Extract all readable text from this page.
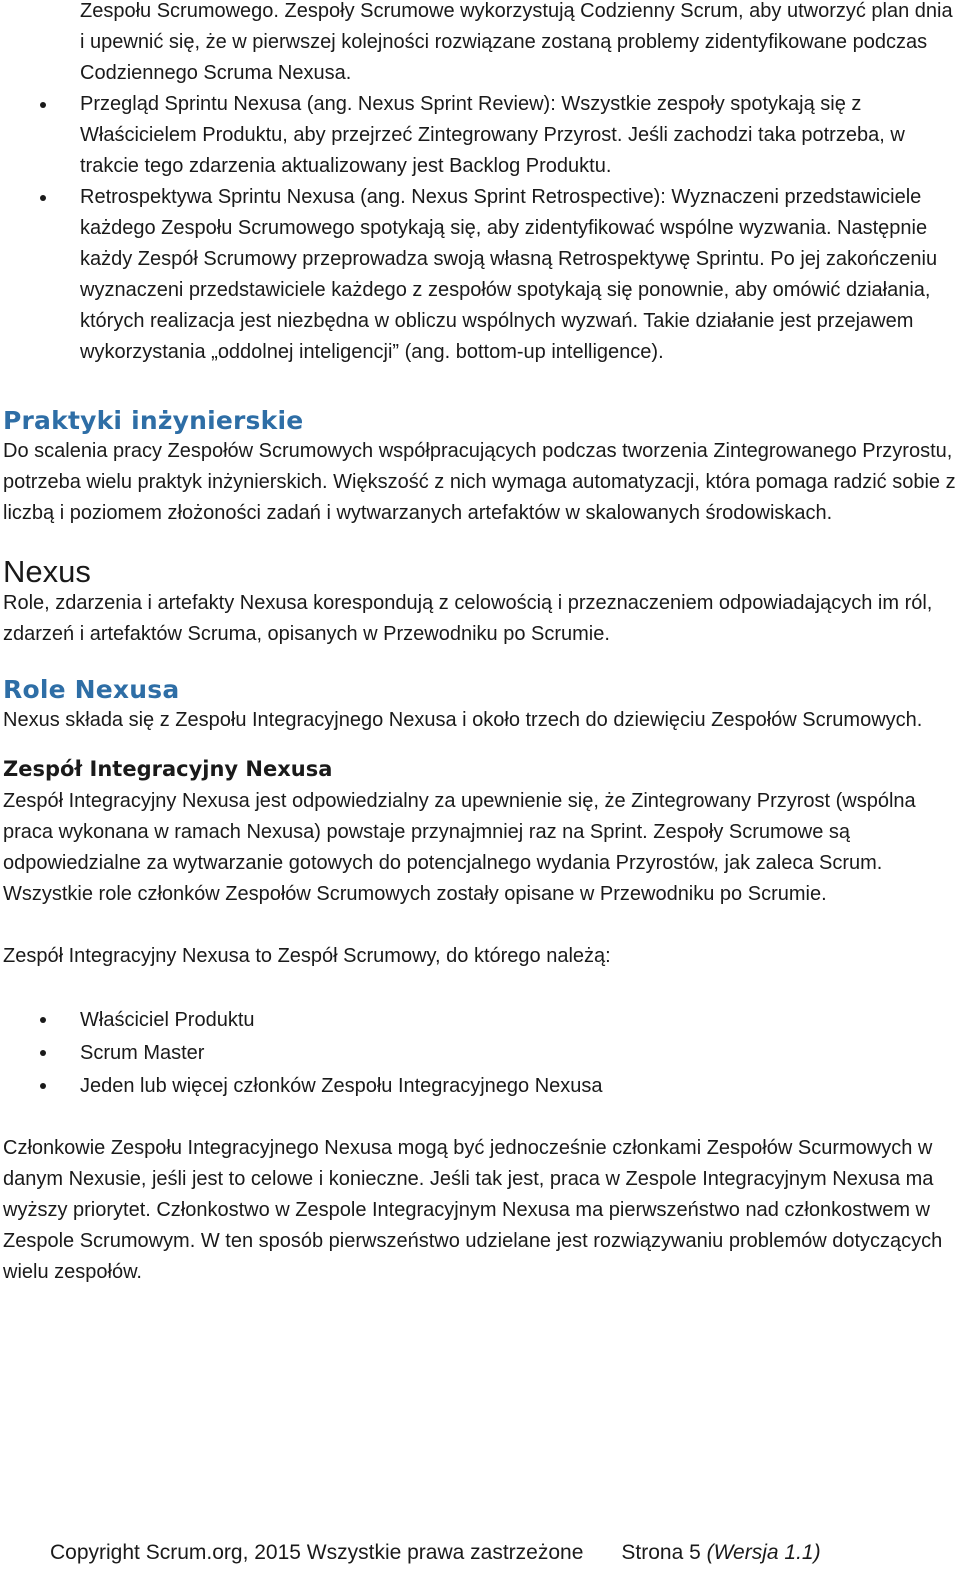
Zespołu Scrumowego. Zespoły Scrumowe wykorzystują Codzienny Scrum, aby utworzyć plan dnia i upewnić się, że w pierwszej kolejności rozwiązane zostaną problemy zidentyfikowane podczas Codziennego Scruma Nexusa.

Przegląd Sprintu Nexusa (ang. Nexus Sprint Review): Wszystkie zespoły spotykają się z Właścicielem Produktu, aby przejrzeć Zintegrowany Przyrost. Jeśli zachodzi taka potrzeba, w trakcie tego zdarzenia aktualizowany jest Backlog Produktu.
Retrospektywa Sprintu Nexusa (ang. Nexus Sprint Retrospective): Wyznaczeni przedstawiciele każdego Zespołu Scrumowego spotykają się, aby zidentyfikować wspólne wyzwania. Następnie każdy Zespół Scrumowy przeprowadza swoją własną Retrospektywę Sprintu. Po jej zakończeniu wyznaczeni przedstawiciele każdego z zespołów spotykają się ponownie, aby omówić działania, których realizacja jest niezbędna w obliczu wspólnych wyzwań. Takie działanie jest przejawem wykorzystania „oddolnej inteligencji” (ang. bottom-up intelligence).
Praktyki inżynierskie

Do scalenia pracy Zespołów Scrumowych współpracujących podczas tworzenia Zintegrowanego Przyrostu, potrzeba wielu praktyk inżynierskich. Większość z nich wymaga automatyzacji, która pomaga radzić sobie z liczbą i poziomem złożoności zadań i wytwarzanych artefaktów w skalowanych środowiskach.

Nexus

Role, zdarzenia i artefakty Nexusa korespondują z celowością i przeznaczeniem odpowiadających im ról, zdarzeń i artefaktów Scruma, opisanych w Przewodniku po Scrumie.

Role Nexusa

Nexus składa się z Zespołu Integracyjnego Nexusa i około trzech do dziewięciu Zespołów Scrumowych.

Zespół Integracyjny Nexusa

Zespół Integracyjny Nexusa jest odpowiedzialny za upewnienie się, że Zintegrowany Przyrost (wspólna praca wykonana w ramach Nexusa) powstaje przynajmniej raz na Sprint. Zespoły Scrumowe są odpowiedzialne za wytwarzanie gotowych do potencjalnego wydania Przyrostów, jak zaleca Scrum. Wszystkie role członków Zespołów Scrumowych zostały opisane w Przewodniku po Scrumie.

Zespół Integracyjny Nexusa to Zespół Scrumowy, do którego należą:

Właściciel Produktu
Scrum Master
Jeden lub więcej członków Zespołu Integracyjnego Nexusa

Członkowie Zespołu Integracyjnego Nexusa mogą być jednocześnie członkami Zespołów Scurmowych w danym Nexusie, jeśli jest to celowe i konieczne. Jeśli tak jest, praca w Zespole Integracyjnym Nexusa ma wyższy priorytet. Członkostwo w Zespole Integracyjnym Nexusa ma pierwszeństwo nad członkostwem w Zespole Scrumowym. W ten sposób pierwszeństwo udzielane jest rozwiązywaniu problemów dotyczących wielu zespołów.

Copyright Scrum.org, 2015 Wszystkie prawa zastrzeżone Strona 5 (Wersja 1.1)
